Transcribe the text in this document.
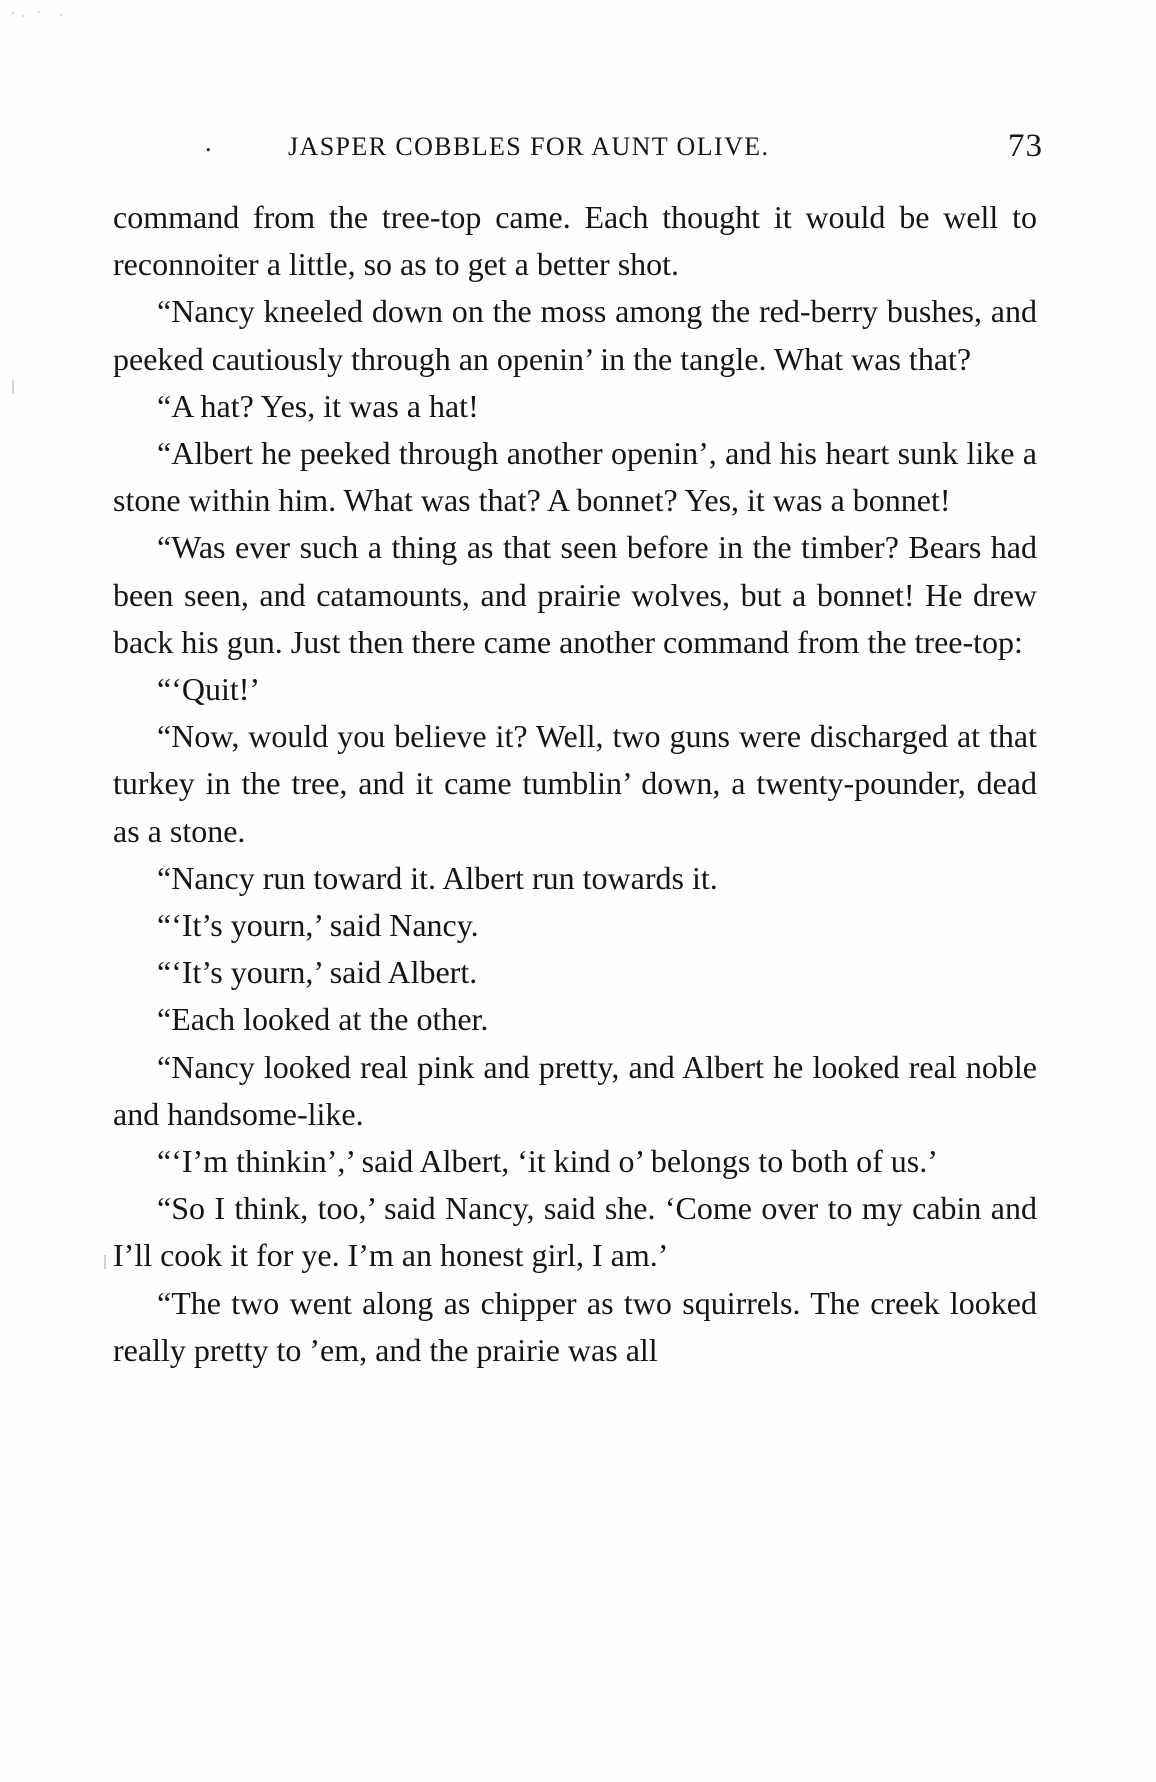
.	JASPER COBBLES FOR AUNT OLIVE.	73

command from the tree-top came. Each thought it would be well to reconnoiter a little, so as to get a better shot.

“Nancy kneeled down on the moss among the red-berry bushes, and peeked cautiously through an openin’ in the tangle. What was that?

“A hat? Yes, it was a hat!

“Albert he peeked through another openin’, and his heart sunk like a stone within him. What was that? A bonnet? Yes, it was a bonnet!

“Was ever such a thing as that seen before in the timber? Bears had been seen, and catamounts, and prairie wolves, but a bonnet! He drew back his gun. Just then there came another command from the tree-top:

“‘Quit!’

“Now, would you believe it? Well, two guns were discharged at that turkey in the tree, and it came tumblin’ down, a twenty-pounder, dead as a stone.

“Nancy run toward it. Albert run towards it.

“‘It’s yourn,’ said Nancy.

“‘It’s yourn,’ said Albert.

“Each looked at the other.

“Nancy looked real pink and pretty, and Albert he looked real noble and handsome-like.

“‘I’m thinkin’,’ said Albert, ‘it kind o’ belongs to both of us.’

“So I think, too,’ said Nancy, said she. ‘Come over to my cabin and I’ll cook it for ye. I’m an honest girl, I am.’

“The two went along as chipper as two squirrels. The creek looked really pretty to ’em, and the prairie was all
